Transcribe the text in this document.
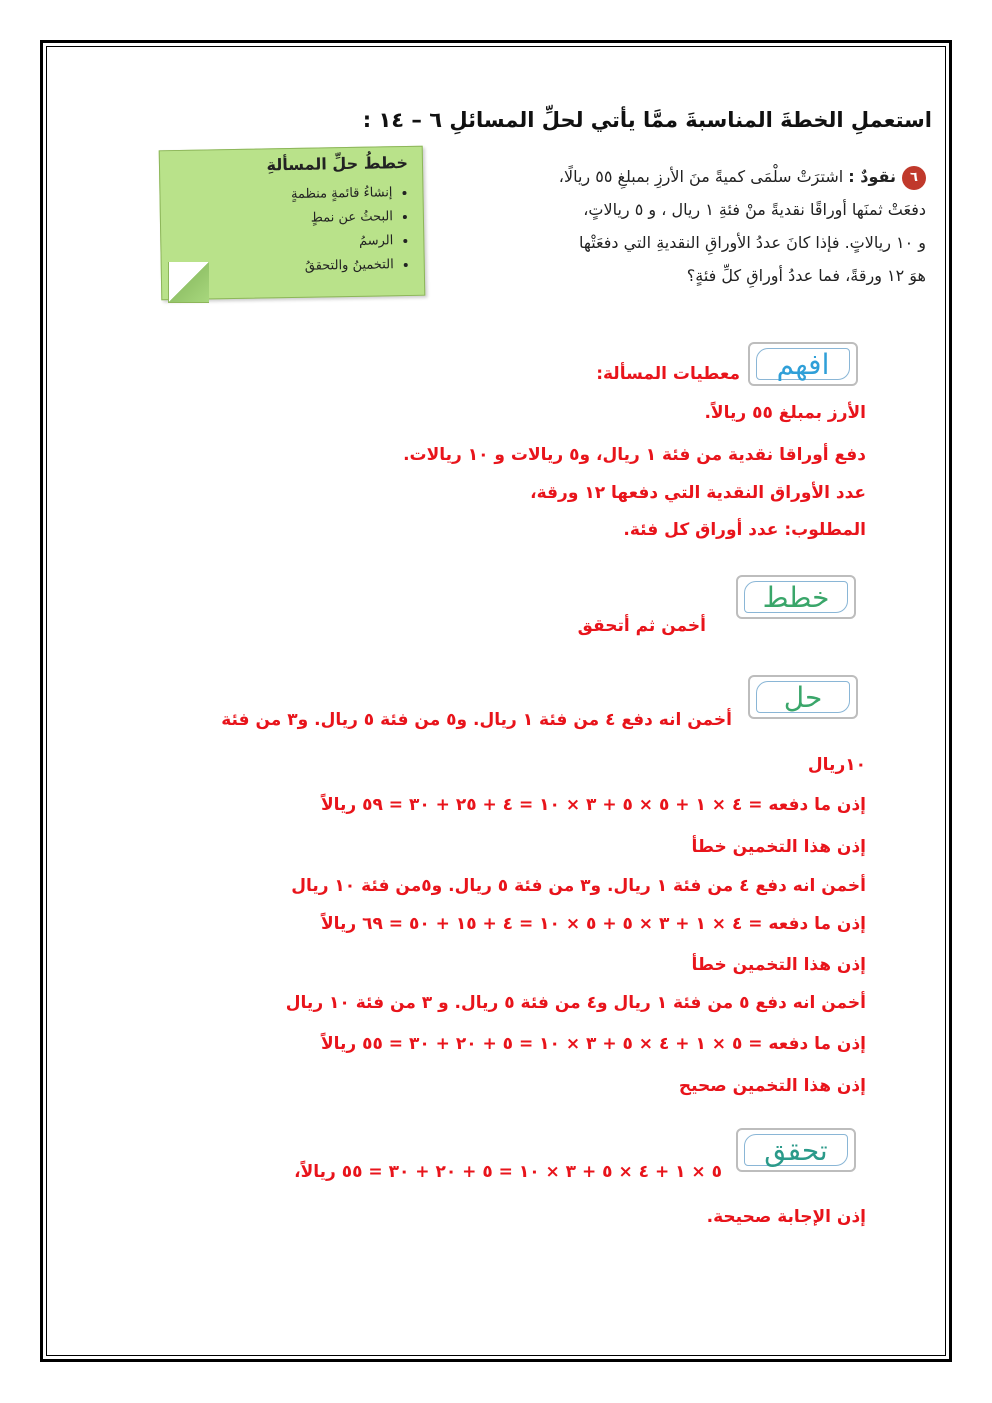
استعملِ الخطةَ المناسبةَ ممَّا يأتي لحلِّ المسائلِ ٦ – ١٤ :
٦نقودٌ : اشترَتْ سلْمَى كميةً منَ الأرزِ بمبلغِ ٥٥ ريالًا،
دفعَتْ ثمنَها أوراقًا نقديةً منْ فئةِ ١ ريال ، و ٥ ريالاتٍ،
و ١٠ ريالاتٍ. فإذا كانَ عددُ الأوراقِ النقديةِ التي دفعَتْها
هوَ ١٢ ورقةً، فما عددُ أوراقِ كلِّ فئةٍ؟
خططُ حلِّ المسألةِ
• إنشاءُ قائمةٍ منظمةٍ
• البحثُ عن نمطٍ
• الرسمُ
• التخمينُ والتحققُ
افهم
معطيات المسألة:
الأرز بمبلغ ٥٥ ريالاً.
دفع أوراقا نقدية من فئة ١ ريال، و٥ ريالات و ١٠ ريالات.
عدد الأوراق النقدية التي دفعها ١٢ ورقة،
المطلوب: عدد أوراق كل فئة.
خطط
أخمن ثم أتحقق
حل
أخمن انه دفع ٤ من فئة ١ ريال. و٥ من فئة ٥ ريال. و٣ من فئة
١٠ريال
إذن ما دفعه = ٤ × ١ + ٥ × ٥ + ٣ × ١٠ = ٤ + ٢٥ + ٣٠ = ٥٩ ريالاً
إذن هذا التخمين خطأ
أخمن انه دفع ٤ من فئة ١ ريال. و٣ من فئة ٥ ريال. و٥من فئة ١٠ ريال
إذن ما دفعه = ٤ × ١ + ٣ × ٥ + ٥ × ١٠ = ٤ + ١٥ + ٥٠ = ٦٩ ريالاً
إذن هذا التخمين خطأ
أخمن انه دفع ٥ من فئة ١ ريال و٤ من فئة ٥ ريال. و ٣ من فئة ١٠ ريال
إذن ما دفعه = ٥ × ١ + ٤ × ٥ + ٣ × ١٠ = ٥ + ٢٠ + ٣٠ = ٥٥ ريالاً
إذن هذا التخمين صحيح
تحقق
٥ × ١ + ٤ × ٥ + ٣ × ١٠ = ٥ + ٢٠ + ٣٠ = ٥٥ ريالاً،
إذن الإجابة صحيحة.
